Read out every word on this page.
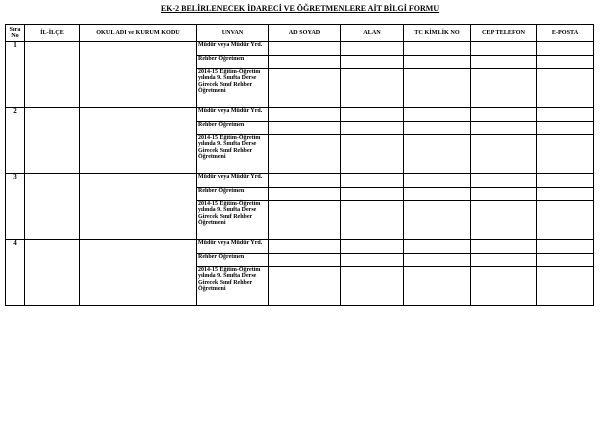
EK-2 BELİRLENECEK İDARECİ VE ÖĞRETMENLERE AİT BİLGİ FORMU
Sıra No	İL-İLÇE	OKUL ADI ve KURUM KODU	UNVAN	AD SOYAD	ALAN	TC KİMLİK NO	CEP TELEFON	E-POSTA
1			Müdür veya Müdür Yrd.					
			Rehber Öğretmen					
			2014-15 Eğitim-Öğretim yılında 9. Sınıfta Derse Girecek Sınıf Rehber Öğretmeni					
2			Müdür veya Müdür Yrd.					
			Rehber Öğretmen					
			2014-15 Eğitim-Öğretim yılında 9. Sınıfta Derse Girecek Sınıf Rehber Öğretmeni					
3			Müdür veya Müdür Yrd.					
			Rehber Öğretmen					
			2014-15 Eğitim-Öğretim yılında 9. Sınıfta Derse Girecek Sınıf Rehber Öğretmeni					
4			Müdür veya Müdür Yrd.					
			Rehber Öğretmen					
			2014-15 Eğitim-Öğretim yılında 9. Sınıfta Derse Girecek Sınıf Rehber Öğretmeni					
